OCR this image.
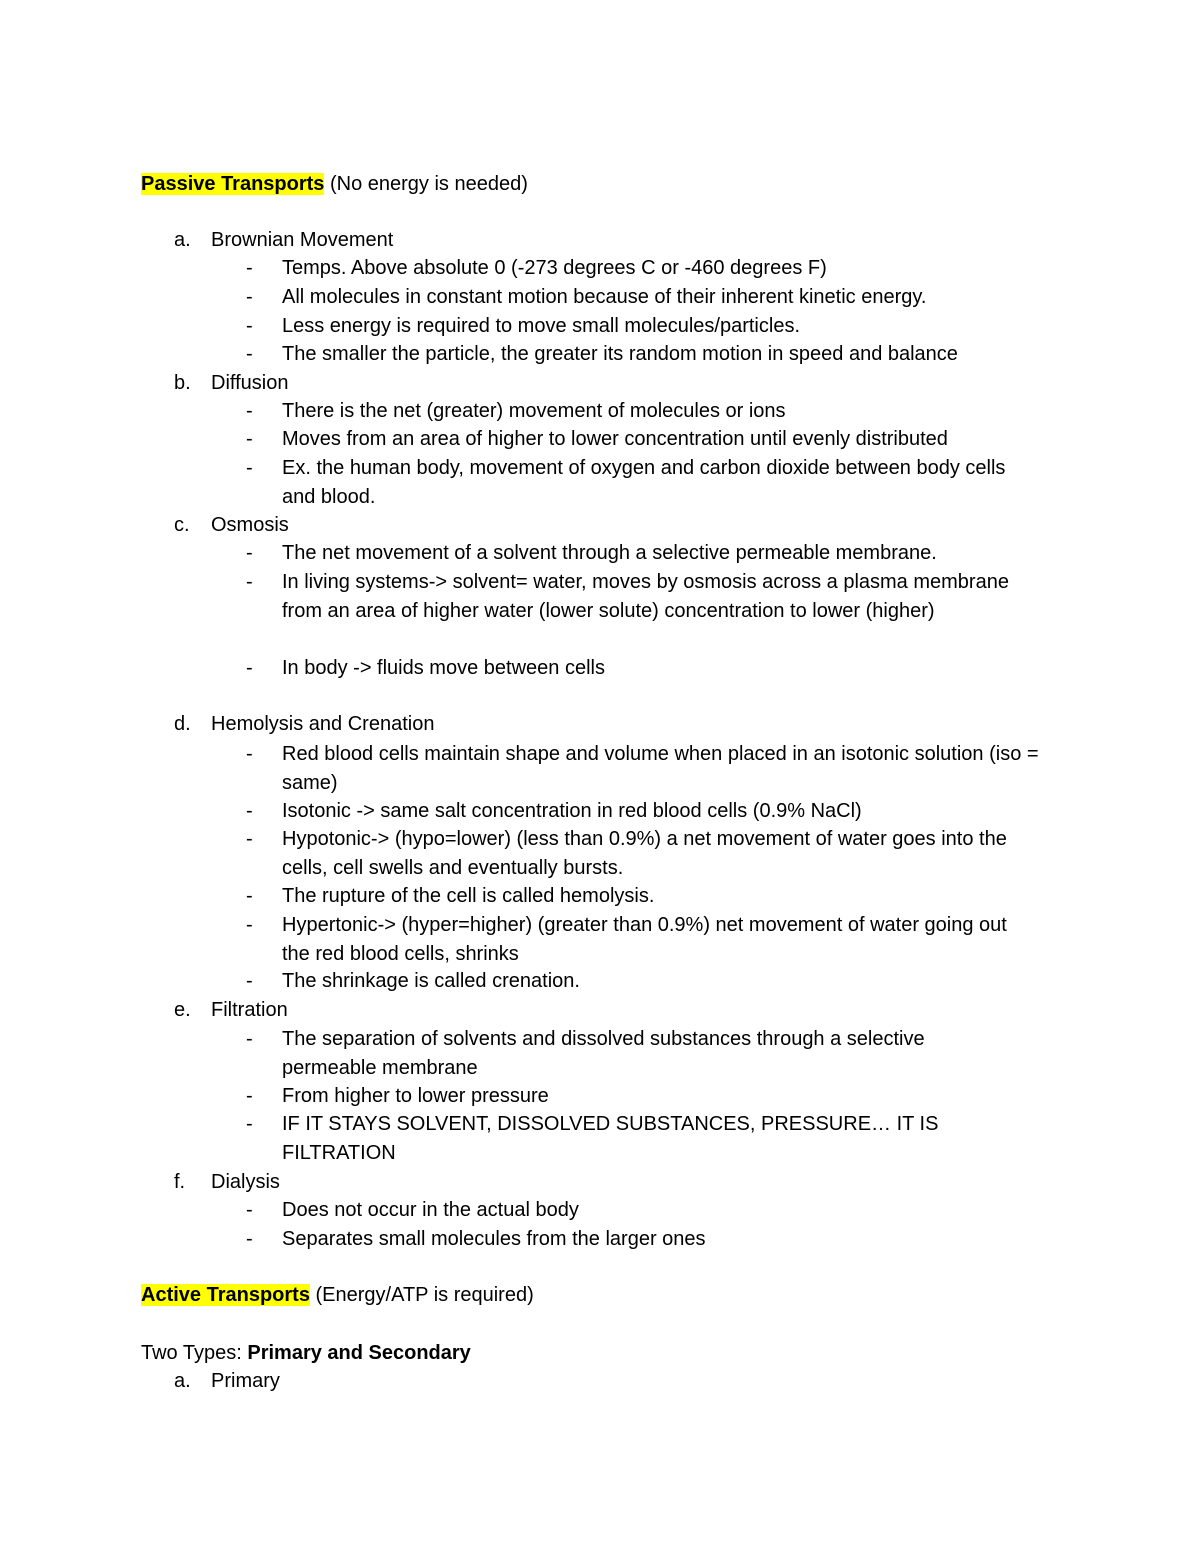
Passive Transports (No energy is needed)
a. Brownian Movement
- Temps. Above absolute 0 (-273 degrees C or -460 degrees F)
- All molecules in constant motion because of their inherent kinetic energy.
- Less energy is required to move small molecules/particles.
- The smaller the particle, the greater its random motion in speed and balance
b. Diffusion
- There is the net (greater) movement of molecules or ions
- Moves from an area of higher to lower concentration until evenly distributed
- Ex. the human body, movement of oxygen and carbon dioxide between body cells and blood.
c. Osmosis
- The net movement of a solvent through a selective permeable membrane.
- In living systems-> solvent= water, moves by osmosis across a plasma membrane from an area of higher water (lower solute) concentration to lower (higher)
- In body -> fluids move between cells
d. Hemolysis and Crenation
- Red blood cells maintain shape and volume when placed in an isotonic solution (iso = same)
- Isotonic -> same salt concentration in red blood cells (0.9% NaCl)
- Hypotonic-> (hypo=lower) (less than 0.9%) a net movement of water goes into the cells, cell swells and eventually bursts.
- The rupture of the cell is called hemolysis.
- Hypertonic-> (hyper=higher) (greater than 0.9%) net movement of water going out the red blood cells, shrinks
- The shrinkage is called crenation.
e. Filtration
- The separation of solvents and dissolved substances through a selective permeable membrane
- From higher to lower pressure
- IF IT STAYS SOLVENT, DISSOLVED SUBSTANCES, PRESSURE… IT IS FILTRATION
f. Dialysis
- Does not occur in the actual body
- Separates small molecules from the larger ones
Active Transports (Energy/ATP is required)
Two Types: Primary and Secondary
a. Primary
